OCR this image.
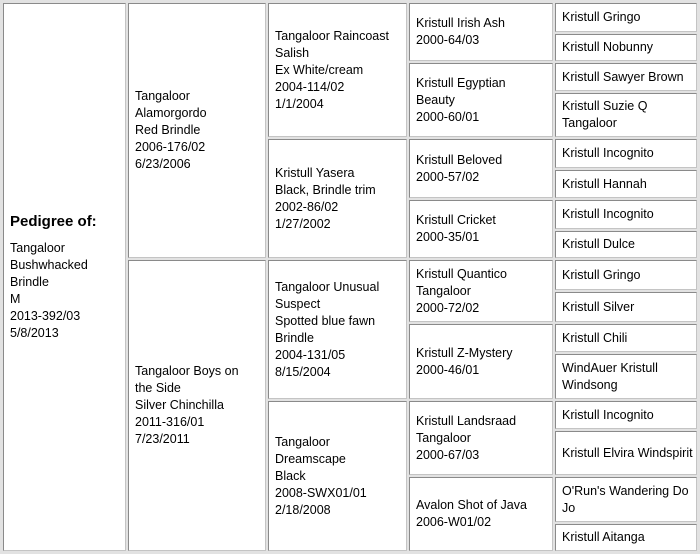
Pedigree of:
Tangaloor
Bushwhacked
Brindle
M
2013-392/03
5/8/2013
Tangaloor
Alamorgordo
Red Brindle
2006-176/02
6/23/2006
Tangaloor Boys on
the Side
Silver Chinchilla
2011-316/01
7/23/2011
Tangaloor Raincoast
Salish
Ex White/cream
2004-114/02
1/1/2004
Kristull Yasera
Black, Brindle trim
2002-86/02
1/27/2002
Tangaloor Unusual
Suspect
Spotted blue fawn
Brindle
2004-131/05
8/15/2004
Tangaloor
Dreamscape
Black
2008-SWX01/01
2/18/2008
Kristull Irish Ash
2000-64/03
Kristull Egyptian
Beauty
2000-60/01
Kristull Beloved
2000-57/02
Kristull Cricket
2000-35/01
Kristull Quantico
Tangaloor
2000-72/02
Kristull Z-Mystery
2000-46/01
Kristull Landsraad
Tangaloor
2000-67/03
Avalon Shot of Java
2006-W01/02
Kristull Gringo
Kristull Nobunny
Kristull Sawyer Brown
Kristull Suzie Q Tangaloor
Kristull Incognito
Kristull Hannah
Kristull Incognito
Kristull Dulce
Kristull Gringo
Kristull Silver
Kristull Chili
WindAuer Kristull Windsong
Kristull Incognito
Kristull Elvira Windspirit
O'Run's Wandering Do Jo
Kristull Aitanga
